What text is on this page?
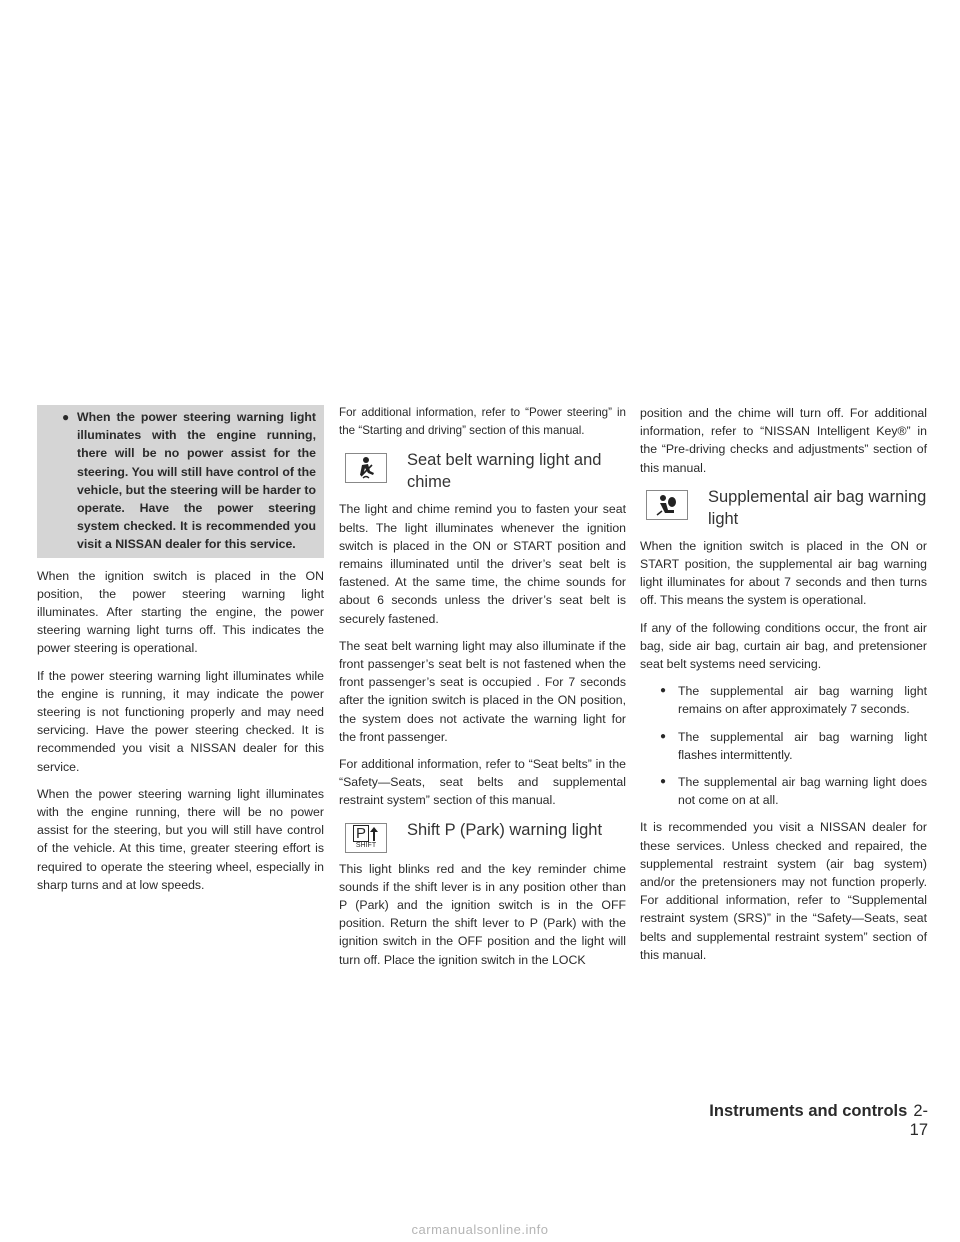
● When the power steering warning light illuminates with the engine running, there will be no power assist for the steering. You will still have control of the vehicle, but the steering will be harder to operate. Have the power steering system checked. It is recommended you visit a NISSAN dealer for this service.

When the ignition switch is placed in the ON position, the power steering warning light illuminates. After starting the engine, the power steering warning light turns off. This indicates the power steering is operational.

If the power steering warning light illuminates while the engine is running, it may indicate the power steering is not functioning properly and may need servicing. Have the power steering checked. It is recommended you visit a NISSAN dealer for this service.

When the power steering warning light illuminates with the engine running, there will be no power assist for the steering, but you will still have control of the vehicle. At this time, greater steering effort is required to operate the steering wheel, especially in sharp turns and at low speeds.

For additional information, refer to “Power steering” in the “Starting and driving” section of this manual.

Seat belt warning light and chime

The light and chime remind you to fasten your seat belts. The light illuminates whenever the ignition switch is placed in the ON or START position and remains illuminated until the driver’s seat belt is fastened. At the same time, the chime sounds for about 6 seconds unless the driver’s seat belt is securely fastened.

The seat belt warning light may also illuminate if the front passenger’s seat belt is not fastened when the front passenger’s seat is occupied . For 7 seconds after the ignition switch is placed in the ON position, the system does not activate the warning light for the front passenger.

For additional information, refer to “Seat belts” in the “Safety—Seats, seat belts and supplemental restraint system” section of this manual.

P
SHIFT
Shift P (Park) warning light

This light blinks red and the key reminder chime sounds if the shift lever is in any position other than P (Park) and the ignition switch is in the OFF position. Return the shift lever to P (Park) with the ignition switch in the OFF position and the light will turn off. Place the ignition switch in the LOCK

position and the chime will turn off. For additional information, refer to “NISSAN Intelligent Key®” in the “Pre-driving checks and adjustments” section of this manual.

Supplemental air bag warning light

When the ignition switch is placed in the ON or START position, the supplemental air bag warning light illuminates for about 7 seconds and then turns off. This means the system is operational.

If any of the following conditions occur, the front air bag, side air bag, curtain air bag, and pretensioner seat belt systems need servicing.

● The supplemental air bag warning light remains on after approximately 7 seconds.
● The supplemental air bag warning light flashes intermittently.
● The supplemental air bag warning light does not come on at all.

It is recommended you visit a NISSAN dealer for these services. Unless checked and repaired, the supplemental restraint system (air bag system) and/or the pretensioners may not function properly. For additional information, refer to “Supplemental restraint system (SRS)” in the “Safety—Seats, seat belts and supplemental restraint system” section of this manual.

Instruments and controls 2-17
carmanualsonline.info
